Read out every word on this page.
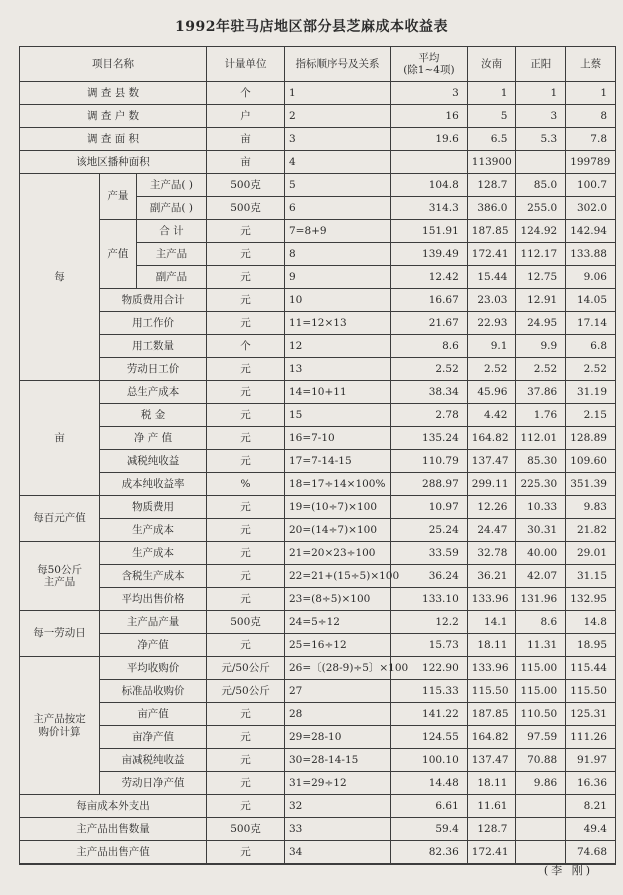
1992年驻马店地区部分县芝麻成本收益表
项目名称			计量单位	指标顺序号及关系	平均
(除1~4项)	汝南	正阳	上蔡
调 查 县 数			个	1	3	1	1	1
调 查 户 数			户	2	16	5	3	8
调 查 面 积			亩	3	19.6	6.5	5.3	7.8
该地区播种面积			亩	4		113900		199789
每	产量	主产品( )	500克	5	104.8	128.7	85.0	100.7
		副产品( )	500克	6	314.3	386.0	255.0	302.0
	产值	合 计	元	7=8+9	151.91	187.85	124.92	142.94
		主产品	元	8	139.49	172.41	112.17	133.88
		副产品	元	9	12.42	15.44	12.75	9.06
	物质费用合计		元	10	16.67	23.03	12.91	14.05
	用工作价		元	11=12×13	21.67	22.93	24.95	17.14
	用工数量		个	12	8.6	9.1	9.9	6.8
	劳动日工价		元	13	2.52	2.52	2.52	2.52
亩	总生产成本		元	14=10+11	38.34	45.96	37.86	31.19
	税 金		元	15	2.78	4.42	1.76	2.15
	净 产 值		元	16=7-10	135.24	164.82	112.01	128.89
	减税纯收益		元	17=7-14-15	110.79	137.47	85.30	109.60
	成本纯收益率		%	18=17÷14×100%	288.97	299.11	225.30	351.39
每百元产值	物质费用		元	19=(10÷7)×100	10.97	12.26	10.33	9.83
	生产成本		元	20=(14÷7)×100	25.24	24.47	30.31	21.82
每50公斤
主产品	生产成本		元	21=20×23÷100	33.59	32.78	40.00	29.01
	含税生产成本		元	22=21+(15÷5)×100	36.24	36.21	42.07	31.15
	平均出售价格		元	23=(8÷5)×100	133.10	133.96	131.96	132.95
每一劳动日	主产品产量		500克	24=5÷12	12.2	14.1	8.6	14.8
	净产值		元	25=16÷12	15.73	18.11	11.31	18.95
主产品按定
购价计算	平均收购价		元/50公斤	26=〔(28-9)÷5〕×100	122.90	133.96	115.00	115.44
	标准品收购价		元/50公斤	27	115.33	115.50	115.00	115.50
	亩产值		元	28	141.22	187.85	110.50	125.31
	亩净产值		元	29=28-10	124.55	164.82	97.59	111.26
	亩减税纯收益		元	30=28-14-15	100.10	137.47	70.88	91.97
	劳动日净产值		元	31=29÷12	14.48	18.11	9.86	16.36
每亩成本外支出			元	32	6.61	11.61		8.21
主产品出售数量			500克	33	59.4	128.7		49.4
主产品出售产值			元	34	82.36	172.41		74.68
(李 刚)
